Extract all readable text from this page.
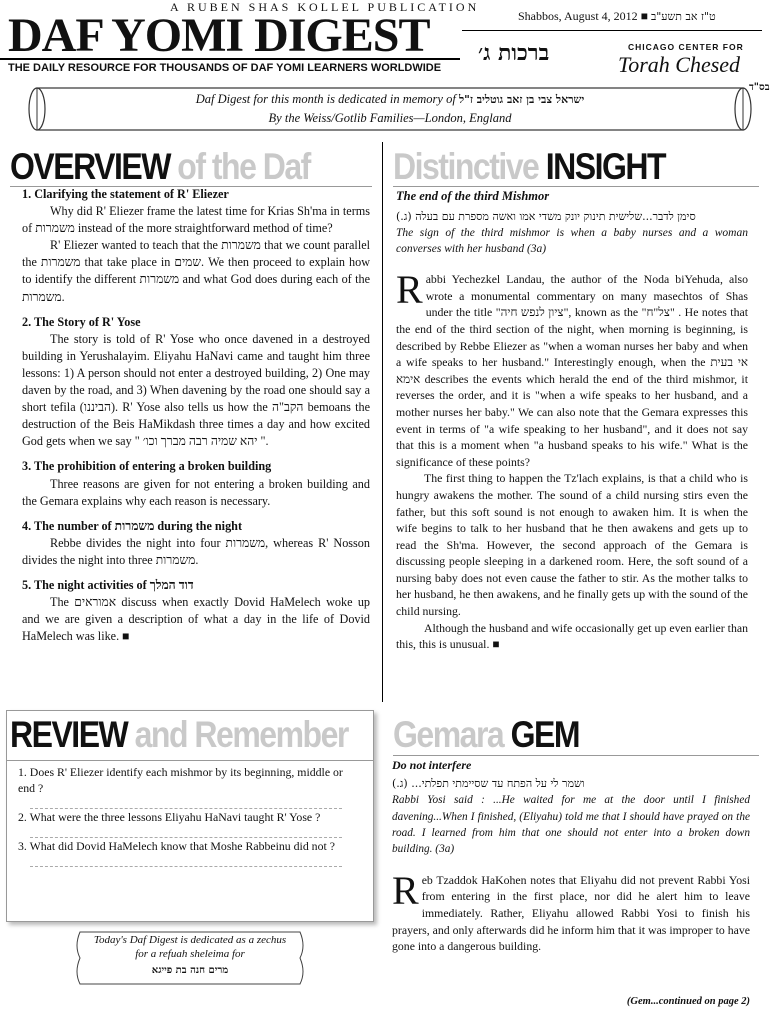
A RUBEN SHAS KOLLEL PUBLICATION
DAF YOMI DIGEST
THE DAILY RESOURCE FOR THOUSANDS OF DAF YOMI LEARNERS WORLDWIDE
Shabbos, August 4, 2012 ■ ט"ז אב תשע"ב
ברכות ג׳	CHICAGO CENTER FOR
Torah Chesed
Daf Digest for this month is dedicated in memory of ישראל צבי בן זאב גוטליב ז"ל
By the Weiss/Gotlib Families—London, England
בס"ד
OVERVIEW of the Daf

1. Clarifying the statement of R' Eliezer

Why did R' Eliezer frame the latest time for Krias Sh'ma in terms of משמרות instead of the more straightforward method of time?

R' Eliezer wanted to teach that the משמרות that we count parallel the משמרות that take place in שמים. We then proceed to explain how to identify the different משמרות and what God does during each of the משמרות.

2. The Story of R' Yose

The story is told of R' Yose who once davened in a destroyed building in Yerushalayim. Eliyahu HaNavi came and taught him three lessons: 1) A person should not enter a destroyed building, 2) One may daven by the road, and 3) When davening by the road one should say a short tefila (הביננו). R' Yose also tells us how the הקב"ה bemoans the destruction of the Beis HaMikdash three times a day and how excited God gets when we say " יהא שמיה רבה מברך וכו׳ ".

3. The prohibition of entering a broken building

Three reasons are given for not entering a broken building and the Gemara explains why each reason is necessary.

4. The number of משמרות during the night

Rebbe divides the night into four משמרות, whereas R' Nosson divides the night into three משמרות.

5. The night activities of דוד המלך

The אמוראים discuss when exactly Dovid HaMelech woke up and we are given a description of what a day in the life of Dovid HaMelech was like. ■

Distinctive INSIGHT

The end of the third Mishmor

סימן לדבר...שלישית תינוק יונק משדי אמו ואשה מספרת עם בעלה (ג.)

The sign of the third mishmor is when a baby nurses and a woman converses with her husband (3a)

R abbi Yechezkel Landau, the author of the Noda biYehuda, also wrote a monumental commentary on many masechtos of Shas under the title "ציון לנפש חיה", known as the "צל"ח" . He notes that the end of the third section of the night, when morning is beginning, is described by Rebbe Eliezer as "when a woman nurses her baby and when a wife speaks to her husband." Interestingly enough, when the אי בעית אימא describes the events which herald the end of the third mishmor, it reverses the order, and it is "when a wife speaks to her husband, and a mother nurses her baby." We can also note that the Gemara expresses this event in terms of "a wife speaking to her husband", and it does not say that this is a moment when "a husband speaks to his wife." What is the significance of these points?

The first thing to happen the Tz'lach explains, is that a child who is hungry awakens the mother. The sound of a child nursing stirs even the father, but this soft sound is not enough to awaken him. It is when the wife begins to talk to her husband that he then awakens and gets up to read the Sh'ma. However, the second approach of the Gemara is discussing people sleeping in a darkened room. Here, the soft sound of a nursing baby does not even cause the father to stir. As the mother talks to her husband, he then awakens, and he finally gets up with the sound of the child nursing.

Although the husband and wife occasionally get up even earlier than this, this is unusual. ■

REVIEW and Remember

1. Does R' Eliezer identify each mishmor by its beginning, middle or end ?

2. What were the three lessons Eliyahu HaNavi taught R' Yose ?

3. What did Dovid HaMelech know that Moshe Rabbeinu did not ?

Today's Daf Digest is dedicated as a zechus
for a refuah sheleima for
מרים חנה בת פייגא
Gemara GEM

Do not interfere

ושמר לי על הפתח עד שסיימתי תפלתי... (ג.)

Rabbi Yosi said : ...He waited for me at the door until I finished davening...When I finished, (Eliyahu) told me that I should have prayed on the road. I learned from him that one should not enter into a broken down building. (3a)

R eb Tzaddok HaKohen notes that Eliyahu did not prevent Rabbi Yosi from entering in the first place, nor did he alert him to leave immediately. Rather, Eliyahu allowed Rabbi Yosi to finish his prayers, and only afterwards did he inform him that it was improper to have gone into a dangerous building.

(Gem...continued on page 2)
